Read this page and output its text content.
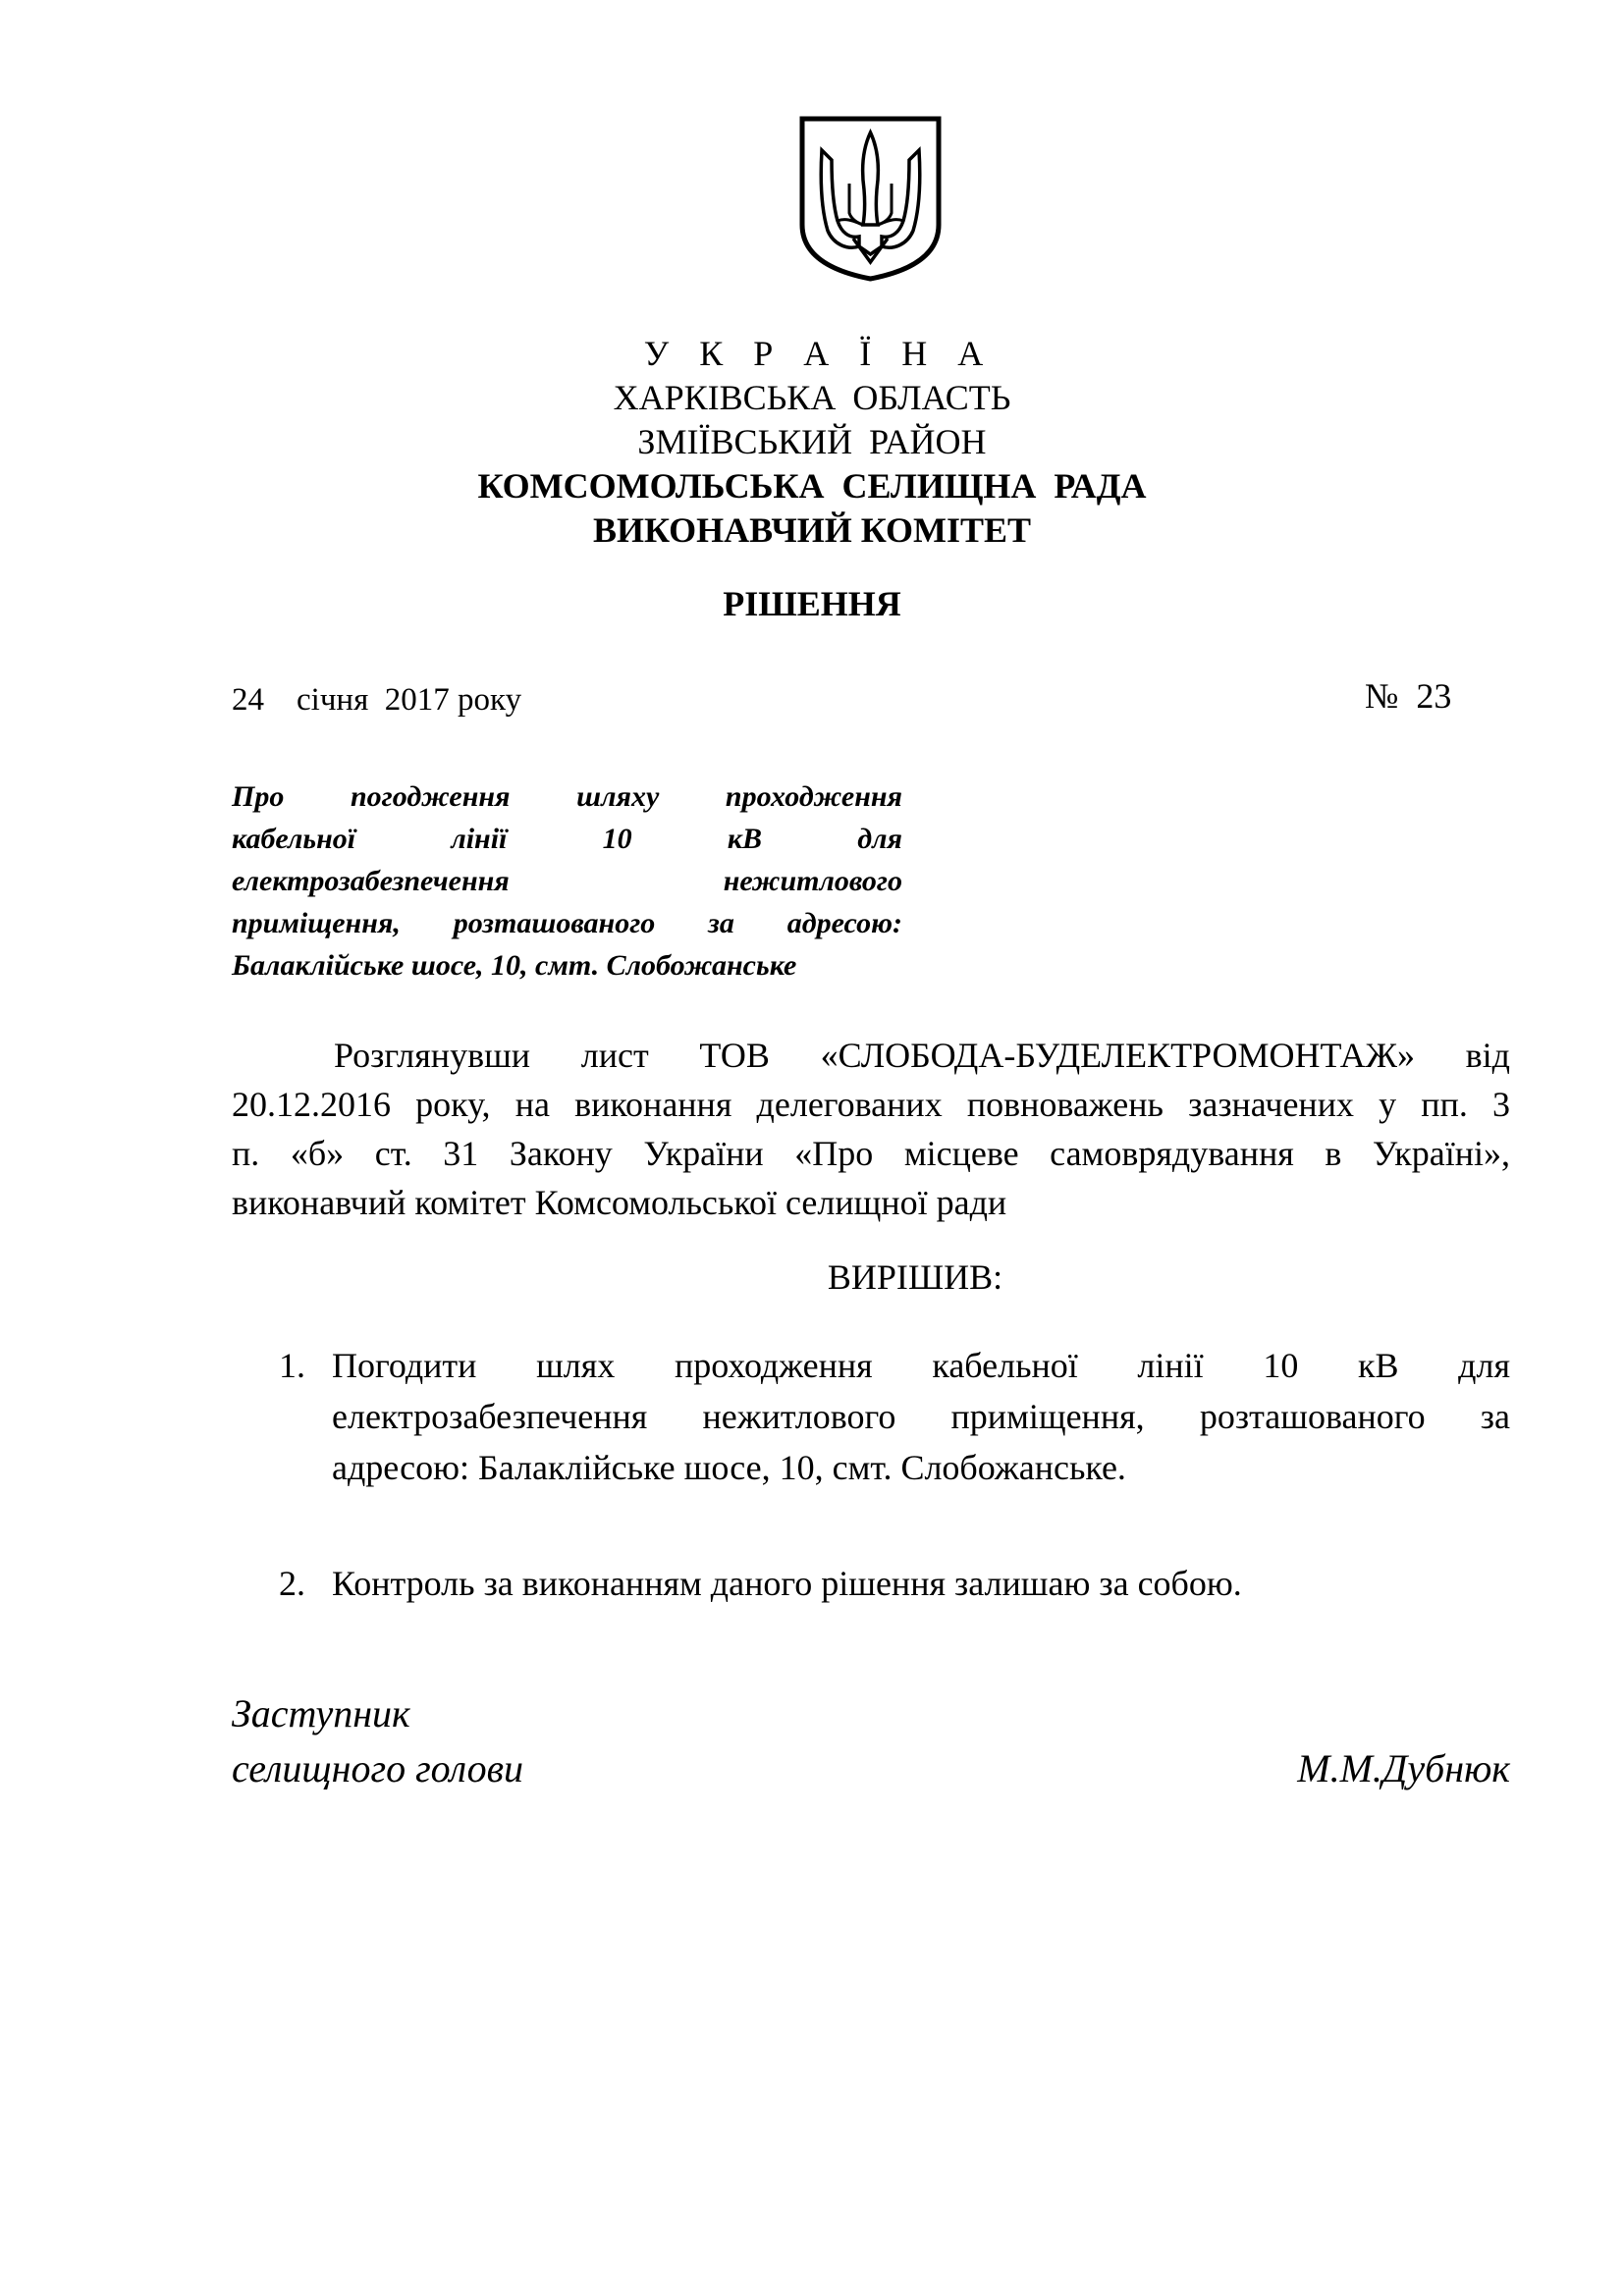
У К Р А Ї Н А
ХАРКІВСЬКА ОБЛАСТЬ
ЗМІЇВСЬКИЙ РАЙОН
КОМСОМОЛЬСЬКА СЕЛИЩНА РАДА
ВИКОНАВЧИЙ КОМІТЕТ
РІШЕННЯ
24    січня  2017 року	№  23
Про погодження шляху проходження
кабельної лінії 10 кВ для
електрозабезпечення нежитлового
приміщення, розташованого за адресою:
Балаклійське шосе, 10, смт. Слобожанське
Розглянувши лист ТОВ «СЛОБОДА-БУДЕЛЕКТРОМОНТАЖ» від
20.12.2016 року, на виконання делегованих повноважень зазначених у пп. 3
п. «б» ст. 31 Закону України «Про місцеве самоврядування в Україні»,
виконавчий комітет Комсомольської селищної ради
ВИРІШИВ:
1. Погодити шлях проходження кабельної лінії 10 кВ для
електрозабезпечення нежитлового приміщення, розташованого за
адресою: Балаклійське шосе, 10, смт. Слобожанське.
2. Контроль за виконанням даного рішення залишаю за собою.
Заступник
селищного голови	М.М.Дубнюк
